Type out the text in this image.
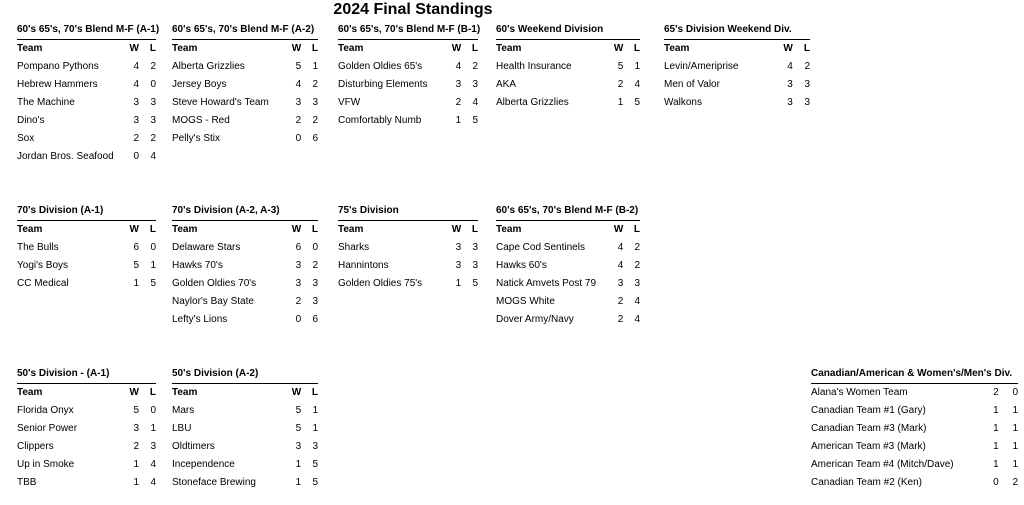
2024 Final Standings
60's 65's, 70's Blend M-F (A-1)
Team	W	L
Pompano Pythons	4	2
Hebrew Hammers	4	0
The Machine	3	3
Dino's	3	3
Sox	2	2
Jordan Bros. Seafood	0	4
60's 65's, 70's Blend M-F (A-2)
Team	W	L
Alberta Grizzlies	5	1
Jersey Boys	4	2
Steve Howard's Team	3	3
MOGS - Red	2	2
Pelly's Stix	0	6
60's 65's, 70's Blend M-F (B-1)
Team	W	L
Golden Oldies 65's	4	2
Disturbing Elements	3	3
VFW	2	4
Comfortably Numb	1	5
60's Weekend Division
Team	W	L
Health Insurance	5	1
AKA	2	4
Alberta Grizzlies	1	5
65's Division Weekend Div.
Team	W	L
Levin/Ameriprise	4	2
Men of Valor	3	3
Walkons	3	3
70's Division (A-1)
Team	W	L
The Bulls	6	0
Yogi's Boys	5	1
CC Medical	1	5
70's Division (A-2, A-3)
Team	W	L
Delaware Stars	6	0
Hawks 70's	3	2
Golden Oldies 70's	3	3
Naylor's Bay State	2	3
Lefty's Lions	0	6
75's Division
Team	W	L
Sharks	3	3
Hannintons	3	3
Golden Oldies 75's	1	5
60's 65's, 70's Blend M-F (B-2)
Team	W	L
Cape Cod Sentinels	4	2
Hawks 60's	4	2
Natick Amvets Post 79	3	3
MOGS White	2	4
Dover Army/Navy	2	4
50's Division - (A-1)
Team	W	L
Florida Onyx	5	0
Senior Power	3	1
Clippers	2	3
Up in Smoke	1	4
TBB	1	4
50's Division (A-2)
Team	W	L
Mars	5	1
LBU	5	1
Oldtimers	3	3
Incependence	1	5
Stoneface Brewing	1	5
Canadian/American & Women's/Men's Div.
Alana's Women Team	2	0
Canadian Team #1 (Gary)	1	1
Canadian Team #3 (Mark)	1	1
American Team #3 (Mark)	1	1
American Team #4 (Mitch/Dave)	1	1
Canadian Team #2 (Ken)	0	2
